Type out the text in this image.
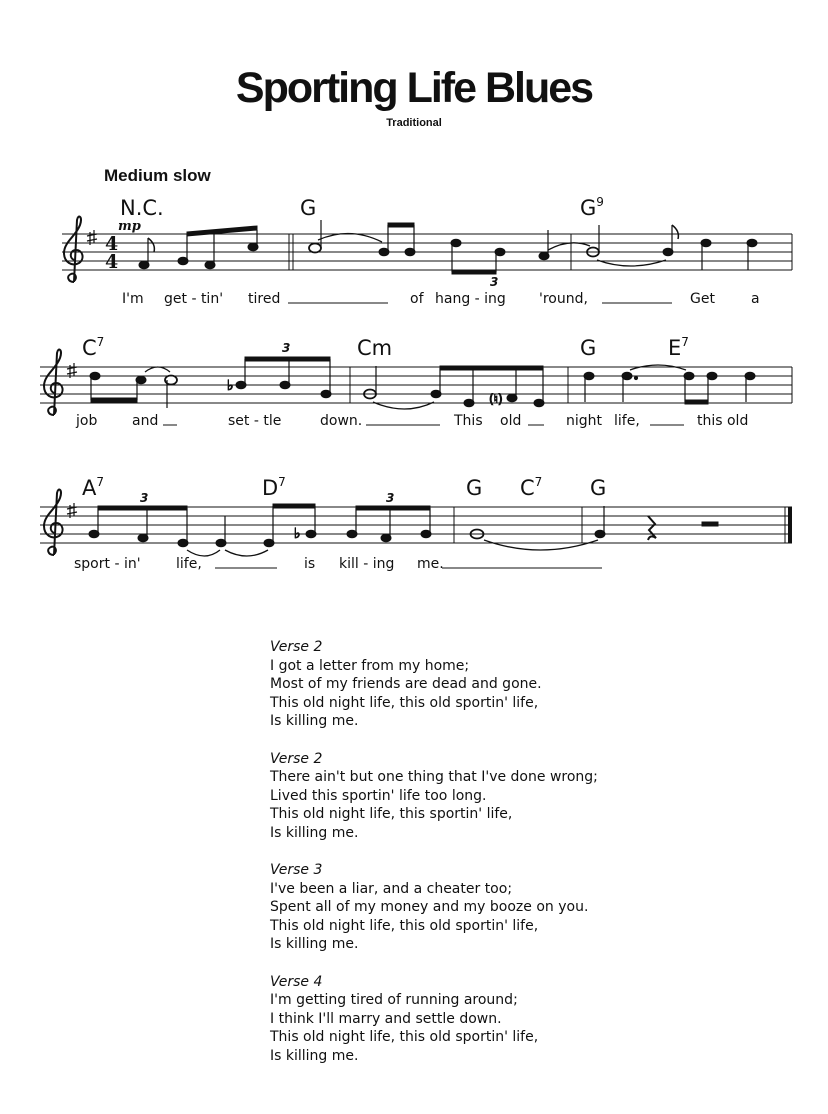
Sporting Life Blues
Traditional
Medium slow
N.C.	G	$G^9$
mp
4
4
3
I'm get - tin' tired	of hang - ing 'round,	Get	a
$C^7$	Cm	G	$E^7$
♭
(♮)
3
job and	set - tle	down.	This old	night life,	this old
$A^7$	$D^7$	G $C^7$ G
♭
3	3
sport - in'	life,	is kill - ing me.
Verse 2
I got a letter from my home;
Most of my friends are dead and gone.
This old night life, this old sportin' life,
Is killing me.
Verse 2
There ain't but one thing that I've done wrong;
Lived this sportin' life too long.
This old night life, this sportin' life,
Is killing me.
Verse 3
I've been a liar, and a cheater too;
Spent all of my money and my booze on you.
This old night life, this old sportin' life,
Is killing me.
Verse 4
I'm getting tired of running around;
I think I'll marry and settle down.
This old night life, this old sportin' life,
Is killing me.
